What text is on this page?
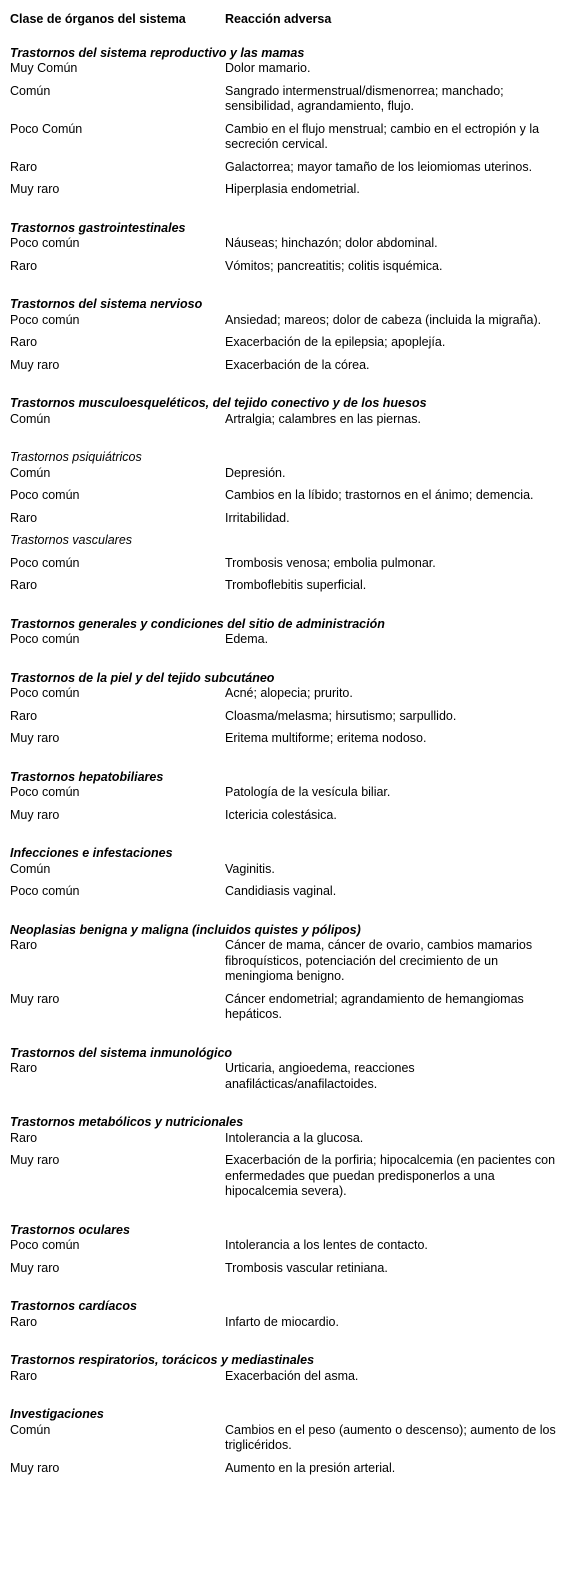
Clase de órganos del sistema	Reacción adversa
Trastornos del sistema reproductivo y las mamas
Muy Común	Dolor mamario.
Común	Sangrado intermenstrual/dismenorrea; manchado; sensibilidad, agrandamiento, flujo.
Poco Común	Cambio en el flujo menstrual; cambio en el ectropión y la secreción cervical.
Raro	Galactorrea; mayor tamaño de los leiomiomas uterinos.
Muy raro	Hiperplasia endometrial.
Trastornos gastrointestinales
Poco común	Náuseas; hinchazón; dolor abdominal.
Raro	Vómitos; pancreatitis; colitis isquémica.
Trastornos del sistema nervioso
Poco común	Ansiedad; mareos; dolor de cabeza (incluida la migraña).
Raro	Exacerbación de la epilepsia; apoplejía.
Muy raro	Exacerbación de la córea.
Trastornos musculoesqueléticos, del tejido conectivo y de los huesos
Común	Artralgia; calambres en las piernas.
Trastornos psiquiátricos
Común	Depresión.
Poco común	Cambios en la líbido; trastornos en el ánimo; demencia.
Raro	Irritabilidad.
Trastornos vasculares
Poco común	Trombosis venosa; embolia pulmonar.
Raro	Tromboflebitis superficial.
Trastornos generales y condiciones del sitio de administración
Poco común	Edema.
Trastornos de la piel y del tejido subcutáneo
Poco común	Acné; alopecia; prurito.
Raro	Cloasma/melasma; hirsutismo; sarpullido.
Muy raro	Eritema multiforme; eritema nodoso.
Trastornos hepatobiliares
Poco común	Patología de la vesícula biliar.
Muy raro	Ictericia colestásica.
Infecciones e infestaciones
Común	Vaginitis.
Poco común	Candidiasis vaginal.
Neoplasias benigna y maligna (incluidos quistes y pólipos)
Raro	Cáncer de mama, cáncer de ovario, cambios mamarios fibroquísticos, potenciación del crecimiento de un meningioma benigno.
Muy raro	Cáncer endometrial; agrandamiento de hemangiomas hepáticos.
Trastornos del sistema inmunológico
Raro	Urticaria, angioedema, reacciones anafilácticas/anafilactoides.
Trastornos metabólicos y nutricionales
Raro	Intolerancia a la glucosa.
Muy raro	Exacerbación de la porfiria; hipocalcemia (en pacientes con enfermedades que puedan predisponerlos a una hipocalcemia severa).
Trastornos oculares
Poco común	Intolerancia a los lentes de contacto.
Muy raro	Trombosis vascular retiniana.
Trastornos cardíacos
Raro	Infarto de miocardio.
Trastornos respiratorios, torácicos y mediastinales
Raro	Exacerbación del asma.
Investigaciones
Común	Cambios en el peso (aumento o descenso); aumento de los triglicéridos.
Muy raro	Aumento en la presión arterial.
